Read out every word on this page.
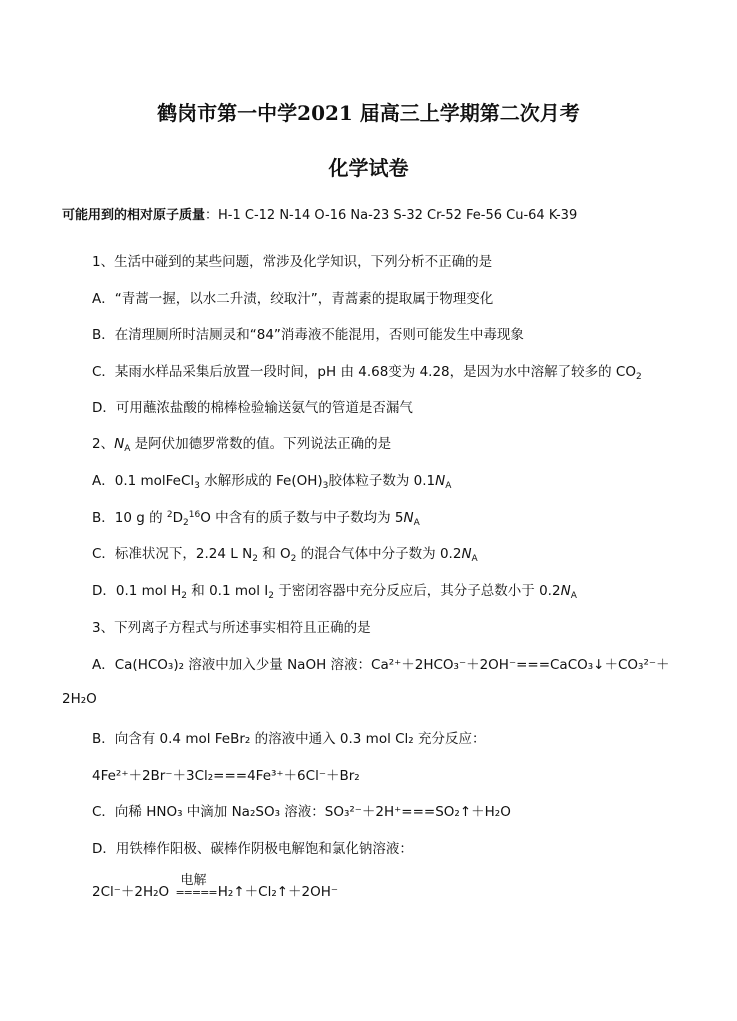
鹤岗市第一中学2021 届高三上学期第二次月考
化学试卷
可能用到的相对原子质量：H-1 C-12 N-14 O-16 Na-23 S-32 Cr-52 Fe-56 Cu-64 K-39
1、生活中碰到的某些问题，常涉及化学知识，下列分析不正确的是
A．“青蒿一握，以水二升渍，绞取汁”，青蒿素的提取属于物理变化
B．在清理厕所时洁厕灵和“84”消毒液不能混用，否则可能发生中毒现象
C．某雨水样品采集后放置一段时间，pH 由 4.68变为 4.28，是因为水中溶解了较多的 $CO_2$
D．可用蘸浓盐酸的棉棒检验输送氨气的管道是否漏气
2、$N_A$ 是阿伏加德罗常数的值。下列说法正确的是
A．0.1 molFeCl$_3$ 水解形成的 $Fe(OH)_3$胶体粒子数为 $0.1N_A$
B．10 g 的 $^2D_2^{16}O$ 中含有的质子数与中子数均为 $5N_A$
C．标准状况下，2.24 L $N_2$ 和 $O_2$ 的混合气体中分子数为 $0.2N_A$
D．0.1 mol $H_2$ 和 0.1 mol $I_2$ 于密闭容器中充分反应后，其分子总数小于 $0.2N_A$
3、下列离子方程式与所述事实相符且正确的是
A．Ca(HCO₃)₂ 溶液中加入少量 NaOH 溶液：Ca²⁺＋2HCO₃⁻＋2OH⁻===CaCO₃↓＋CO₃²⁻＋
2H₂O
B．向含有 0.4 mol FeBr₂ 的溶液中通入 0.3 mol Cl₂ 充分反应：
4Fe²⁺＋2Br⁻＋3Cl₂===4Fe³⁺＋6Cl⁻＋Br₂
C．向稀 HNO₃ 中滴加 Na₂SO₃ 溶液：SO₃²⁻＋2H⁺===SO₂↑＋H₂O
D．用铁棒作阳极、碳棒作阴极电解饱和氯化钠溶液：
2Cl⁻＋2H₂O
电解
===== H₂↑＋Cl₂↑＋2OH⁻
